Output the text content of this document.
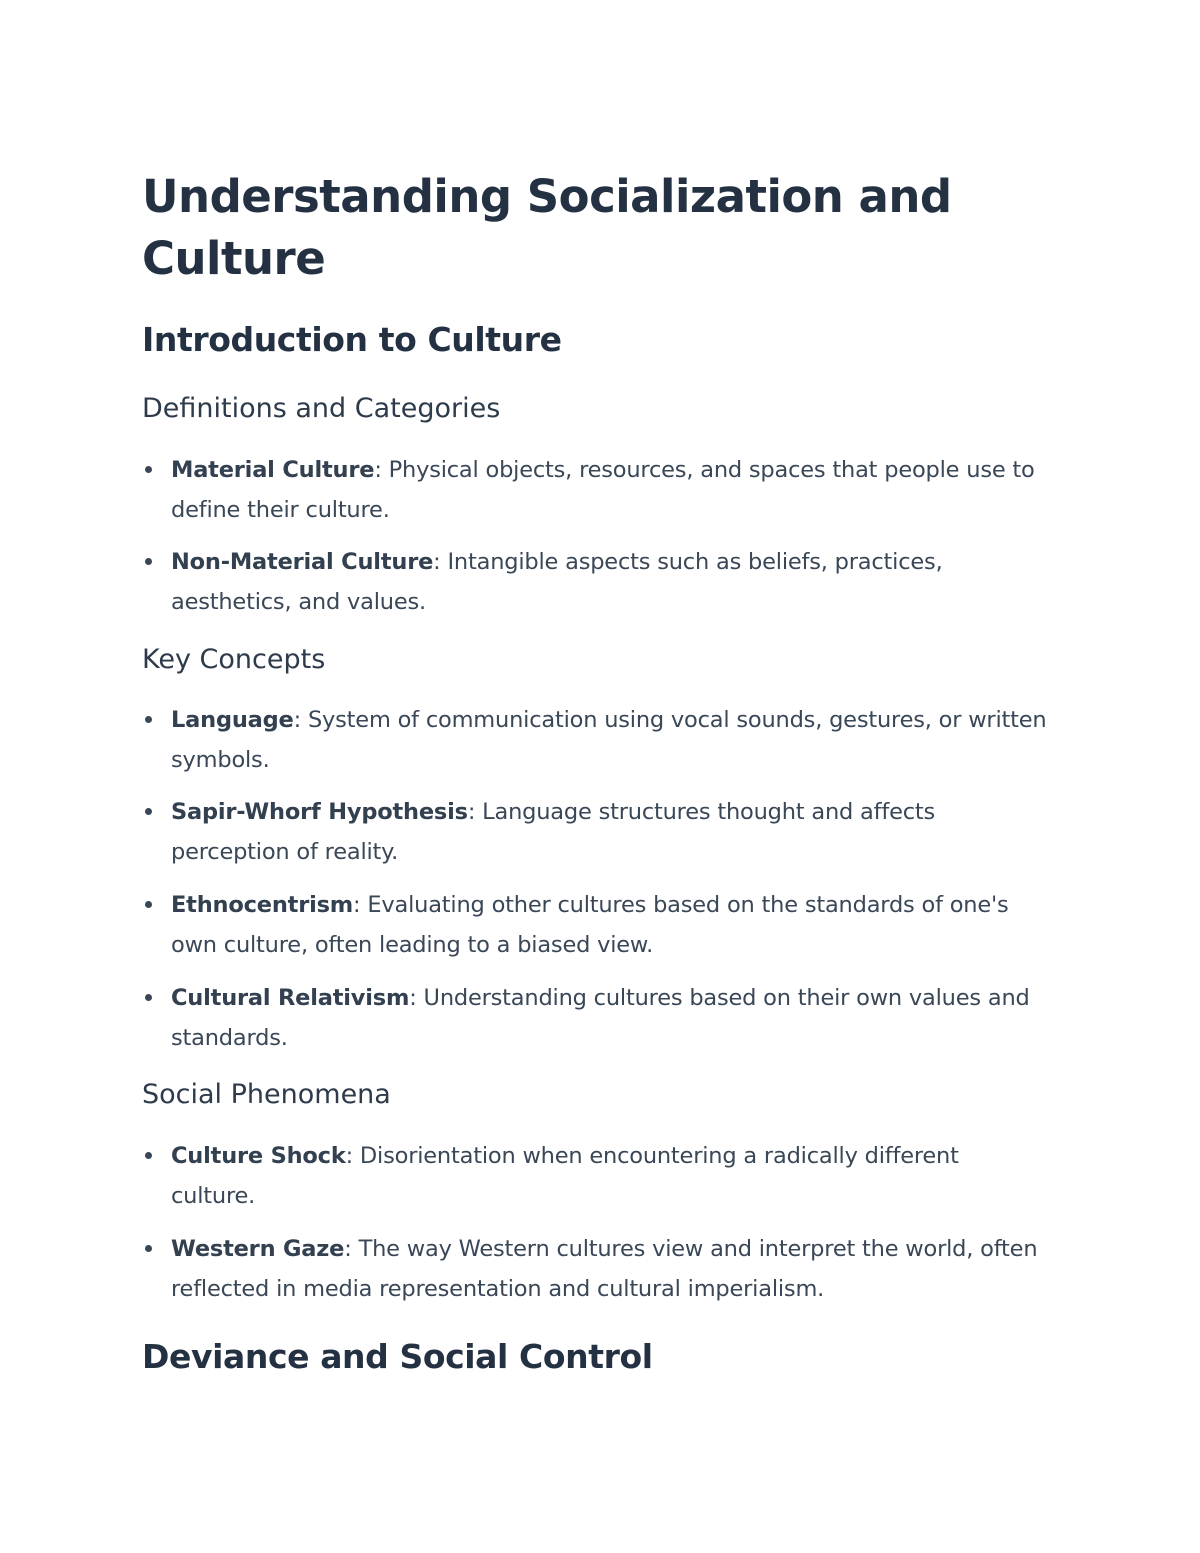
Understanding Socialization and Culture
Introduction to Culture
Definitions and Categories
Material Culture: Physical objects, resources, and spaces that people use to define their culture.
Non-Material Culture: Intangible aspects such as beliefs, practices, aesthetics, and values.
Key Concepts
Language: System of communication using vocal sounds, gestures, or written symbols.
Sapir-Whorf Hypothesis: Language structures thought and affects perception of reality.
Ethnocentrism: Evaluating other cultures based on the standards of one's own culture, often leading to a biased view.
Cultural Relativism: Understanding cultures based on their own values and standards.
Social Phenomena
Culture Shock: Disorientation when encountering a radically different culture.
Western Gaze: The way Western cultures view and interpret the world, often reflected in media representation and cultural imperialism.
Deviance and Social Control
